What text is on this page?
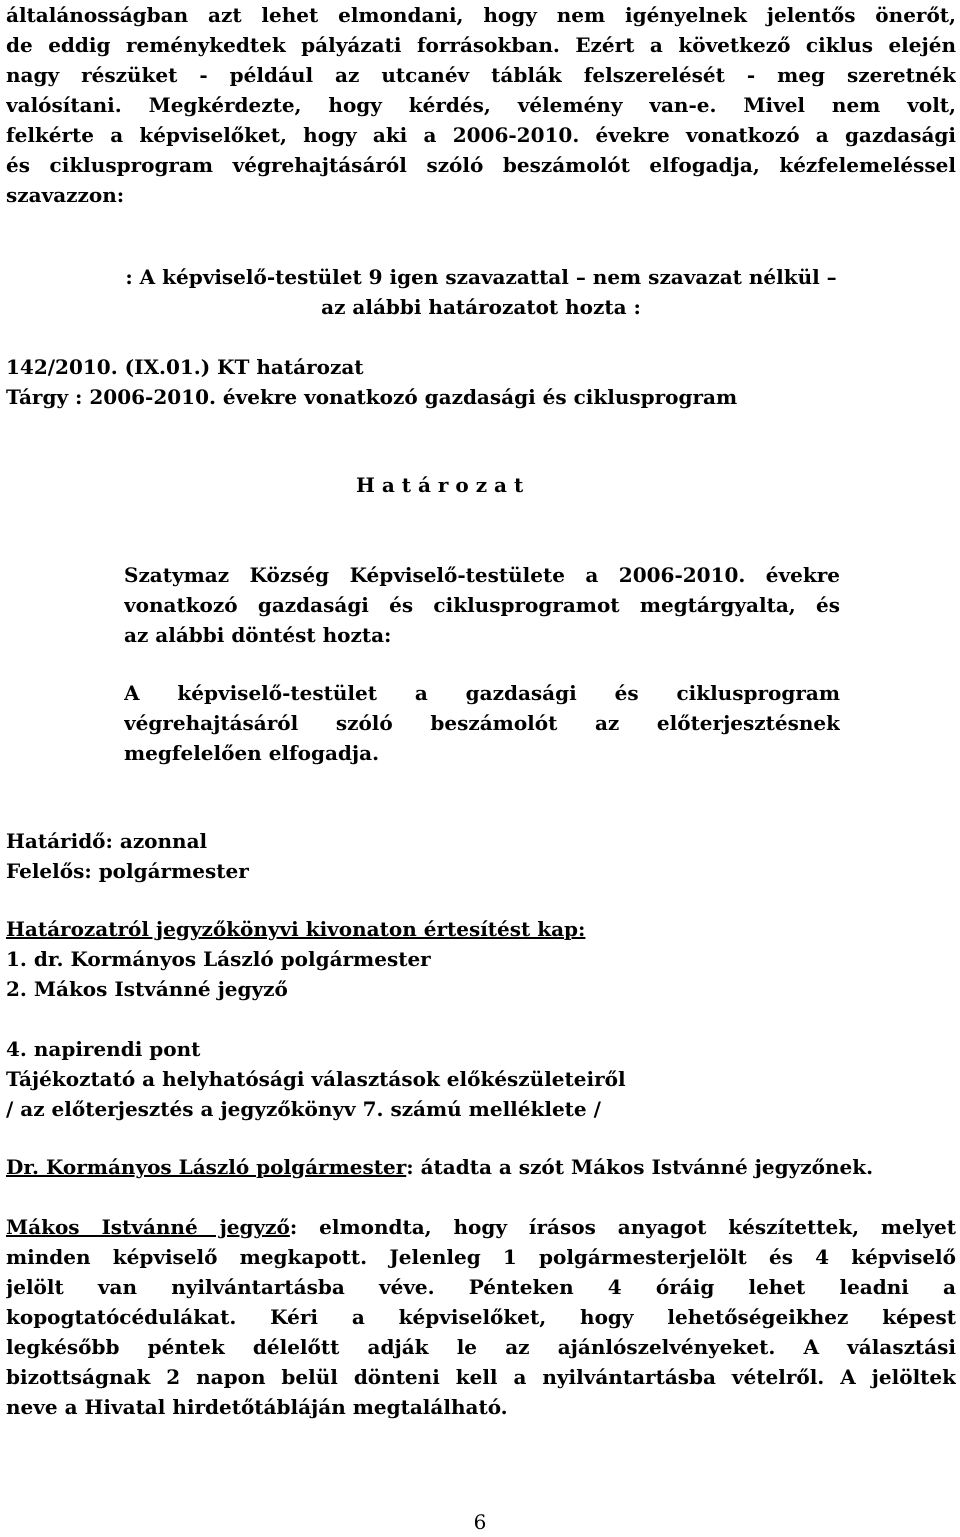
általánosságban azt lehet elmondani, hogy nem igényelnek jelentős önerőt,
de eddig reménykedtek pályázati forrásokban. Ezért a következő ciklus elején
nagy részüket - például az utcanév táblák felszerelését - meg szeretnék
valósítani. Megkérdezte, hogy kérdés, vélemény van-e. Mivel nem volt,
felkérte a képviselőket, hogy aki a 2006-2010. évekre vonatkozó a gazdasági
és ciklusprogram végrehajtásáról szóló beszámolót elfogadja, kézfelemeléssel
szavazzon:
: A képviselő-testület 9 igen szavazattal – nem szavazat nélkül –
az alábbi határozatot hozta :
142/2010. (IX.01.) KT határozat
Tárgy : 2006-2010. évekre vonatkozó gazdasági és ciklusprogram
H a t á r o z a t
Szatymaz Község Képviselő-testülete a 2006-2010. évekre
vonatkozó gazdasági és ciklusprogramot megtárgyalta, és
az alábbi döntést hozta:
A képviselő-testület a gazdasági és ciklusprogram
végrehajtásáról szóló beszámolót az előterjesztésnek
megfelelően elfogadja.
Határidő: azonnal
Felelős: polgármester
Határozatról jegyzőkönyvi kivonaton értesítést kap:
1. dr. Kormányos László polgármester
2. Mákos Istvánné jegyző
4. napirendi pont
Tájékoztató a helyhatósági választások előkészületeiről
/ az előterjesztés a jegyzőkönyv 7. számú melléklete /
Dr. Kormányos László polgármester: átadta a szót Mákos Istvánné jegyzőnek.
Mákos Istvánné jegyző: elmondta, hogy írásos anyagot készítettek, melyet
minden képviselő megkapott. Jelenleg 1 polgármesterjelölt és 4 képviselő
jelölt van nyilvántartásba véve. Pénteken 4 óráig lehet leadni a
kopogtatócédulákat. Kéri a képviselőket, hogy lehetőségeikhez képest
legkésőbb péntek délelőtt adják le az ajánlószelvényeket. A választási
bizottságnak 2 napon belül dönteni kell a nyilvántartásba vételről. A jelöltek
neve a Hivatal hirdetőtábláján megtalálható.
6
